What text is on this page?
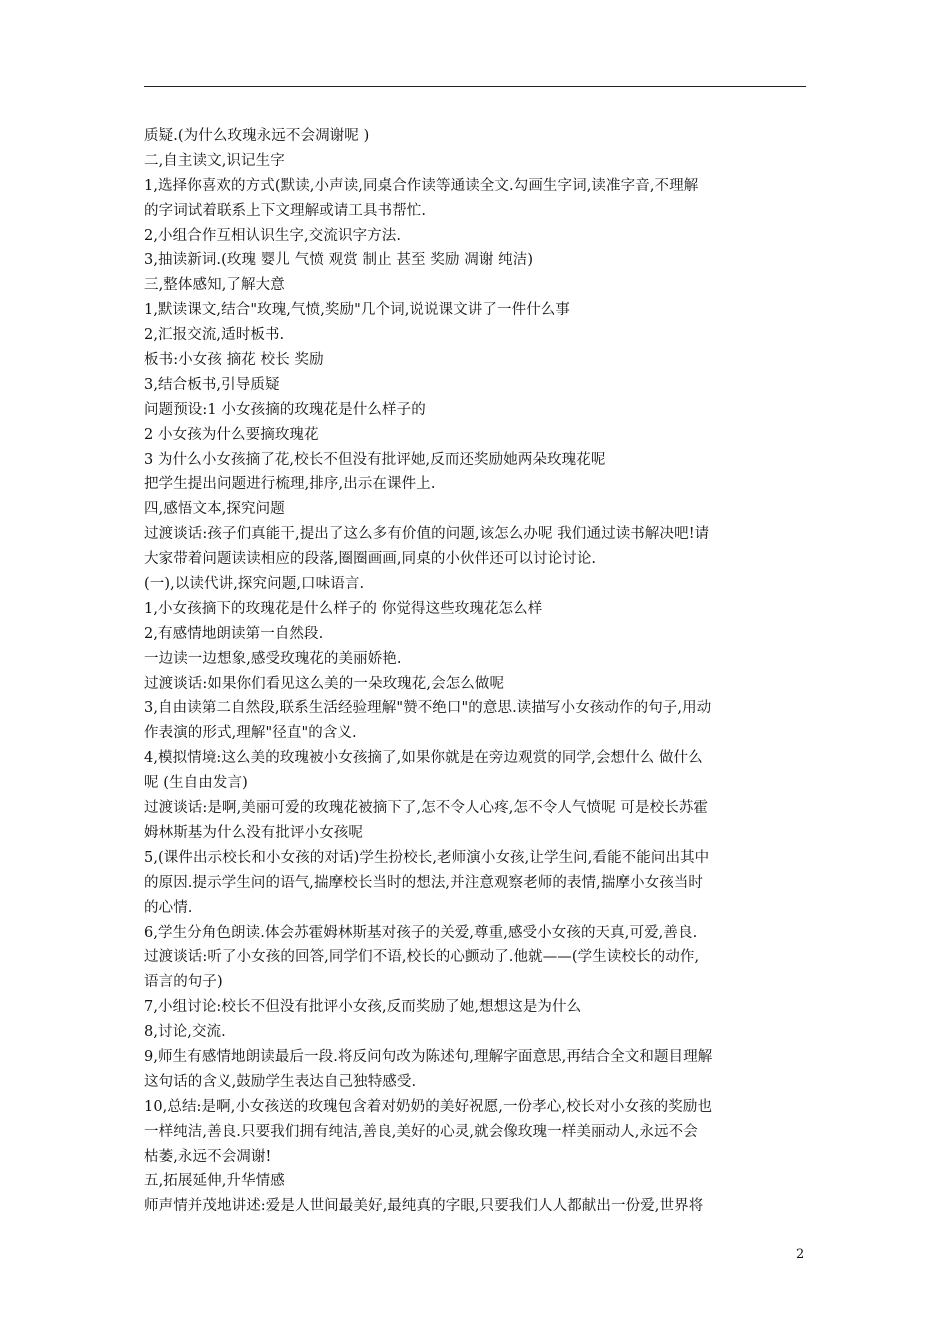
质疑.(为什么玫瑰永远不会凋谢呢 )
二,自主读文,识记生字
1,选择你喜欢的方式(默读,小声读,同桌合作读等通读全文.勾画生字词,读准字音,不理解
的字词试着联系上下文理解或请工具书帮忙.
2,小组合作互相认识生字,交流识字方法.
3,抽读新词.(玫瑰 婴儿 气愤 观赏 制止 甚至 奖励 凋谢 纯洁)
三,整体感知,了解大意
1,默读课文,结合"玫瑰,气愤,奖励"几个词,说说课文讲了一件什么事
2,汇报交流,适时板书.
板书:小女孩 摘花 校长 奖励
3,结合板书,引导质疑
问题预设:1 小女孩摘的玫瑰花是什么样子的
2 小女孩为什么要摘玫瑰花
3 为什么小女孩摘了花,校长不但没有批评她,反而还奖励她两朵玫瑰花呢
把学生提出问题进行梳理,排序,出示在课件上.
四,感悟文本,探究问题
过渡谈话:孩子们真能干,提出了这么多有价值的问题,该怎么办呢 我们通过读书解决吧!请
大家带着问题读读相应的段落,圈圈画画,同桌的小伙伴还可以讨论讨论.
(一),以读代讲,探究问题,口味语言.
1,小女孩摘下的玫瑰花是什么样子的 你觉得这些玫瑰花怎么样
2,有感情地朗读第一自然段.
一边读一边想象,感受玫瑰花的美丽娇艳.
过渡谈话:如果你们看见这么美的一朵玫瑰花,会怎么做呢
3,自由读第二自然段,联系生活经验理解"赞不绝口"的意思.读描写小女孩动作的句子,用动
作表演的形式,理解"径直"的含义.
4,模拟情境:这么美的玫瑰被小女孩摘了,如果你就是在旁边观赏的同学,会想什么 做什么
呢 (生自由发言)
过渡谈话:是啊,美丽可爱的玫瑰花被摘下了,怎不令人心疼,怎不令人气愤呢 可是校长苏霍
姆林斯基为什么没有批评小女孩呢
5,(课件出示校长和小女孩的对话)学生扮校长,老师演小女孩,让学生问,看能不能问出其中
的原因.提示学生问的语气,揣摩校长当时的想法,并注意观察老师的表情,揣摩小女孩当时
的心情.
6,学生分角色朗读.体会苏霍姆林斯基对孩子的关爱,尊重,感受小女孩的天真,可爱,善良.
过渡谈话:听了小女孩的回答,同学们不语,校长的心颤动了.他就——(学生读校长的动作,
语言的句子)
7,小组讨论:校长不但没有批评小女孩,反而奖励了她,想想这是为什么
8,讨论,交流.
9,师生有感情地朗读最后一段.将反问句改为陈述句,理解字面意思,再结合全文和题目理解
这句话的含义,鼓励学生表达自己独特感受.
10,总结:是啊,小女孩送的玫瑰包含着对奶奶的美好祝愿,一份孝心,校长对小女孩的奖励也
一样纯洁,善良.只要我们拥有纯洁,善良,美好的心灵,就会像玫瑰一样美丽动人,永远不会
枯萎,永远不会凋谢!
五,拓展延伸,升华情感
师声情并茂地讲述:爱是人世间最美好,最纯真的字眼,只要我们人人都献出一份爱,世界将
2
